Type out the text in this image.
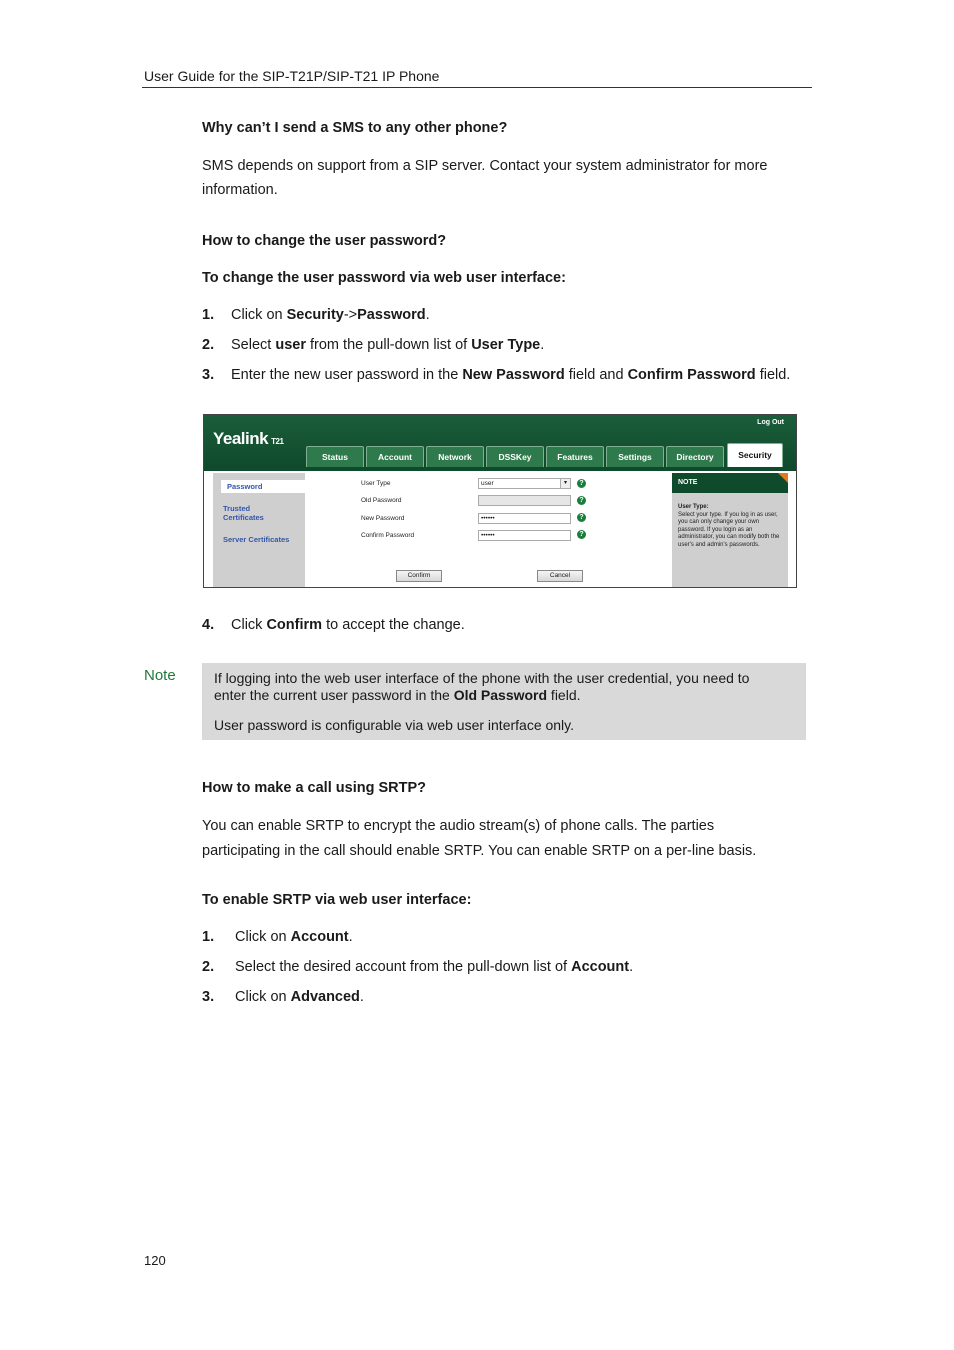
User Guide for the SIP-T21P/SIP-T21 IP Phone
Why can’t I send a SMS to any other phone?
SMS depends on support from a SIP server. Contact your system administrator for more
information.
How to change the user password?
To change the user password via web user interface:
1. Click on Security->Password.
2. Select user from the pull-down list of User Type.
3. Enter the new user password in the New Password field and Confirm Password field.
Yealink T21
Log Out
Status	Account	Network	DSSKey	Features	Settings	Directory	Security
Password
Trusted Certificates
Server Certificates
User Type	user	▾	?
Old Password	?
New Password	••••••	?
Confirm Password	••••••	?
Confirm	Cancel
NOTE
User Type:
Select your type. If you log in as user, you can only change your own password. If you login as an administrator, you can modify both the user's and admin's passwords.
4. Click Confirm to accept the change.
Note	If logging into the web user interface of the phone with the user credential, you need to
enter the current user password in the Old Password field.
User password is configurable via web user interface only.
How to make a call using SRTP?
You can enable SRTP to encrypt the audio stream(s) of phone calls. The parties
participating in the call should enable SRTP. You can enable SRTP on a per-line basis.
To enable SRTP via web user interface:
1. Click on Account.
2. Select the desired account from the pull-down list of Account.
3. Click on Advanced.
120
